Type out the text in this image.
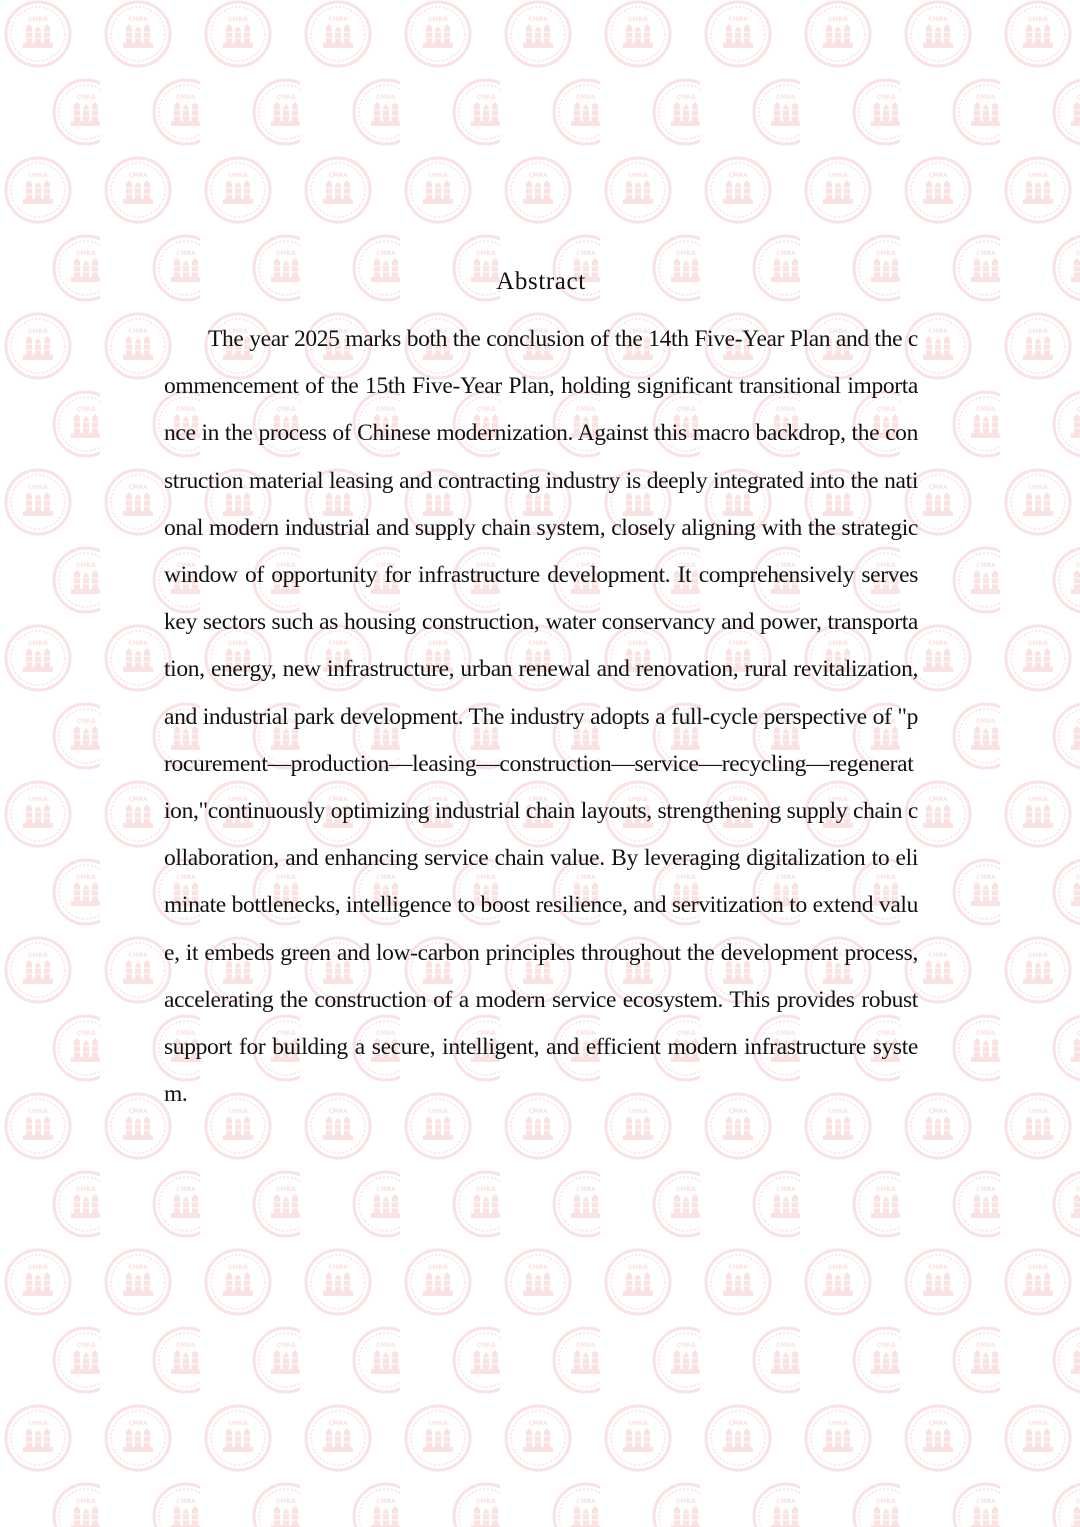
Abstract

The year 2025 marks both the conclusion of the 14th Five-Year Plan and the commencement of the 15th Five-Year Plan, holding significant transitional importance in the process of Chinese modernization. Against this macro backdrop, the construction material leasing and contracting industry is deeply integrated into the national modern industrial and supply chain system, closely aligning with the strategic window of opportunity for infrastructure development. It comprehensively serves key sectors such as housing construction, water conservancy and power, transportation, energy, new infrastructure, urban renewal and renovation, rural revitalization, and industrial park development. The industry adopts a full-cycle perspective of "procurement—production—leasing—construction—service—recycling—regeneration,"continuously optimizing industrial chain layouts, strengthening supply chain collaboration, and enhancing service chain value. By leveraging digitalization to eliminate bottlenecks, intelligence to boost resilience, and servitization to extend value, it embeds green and low-carbon principles throughout the development process, accelerating the construction of a modern service ecosystem. This provides robust support for building a secure, intelligent, and efficient modern infrastructure system.
